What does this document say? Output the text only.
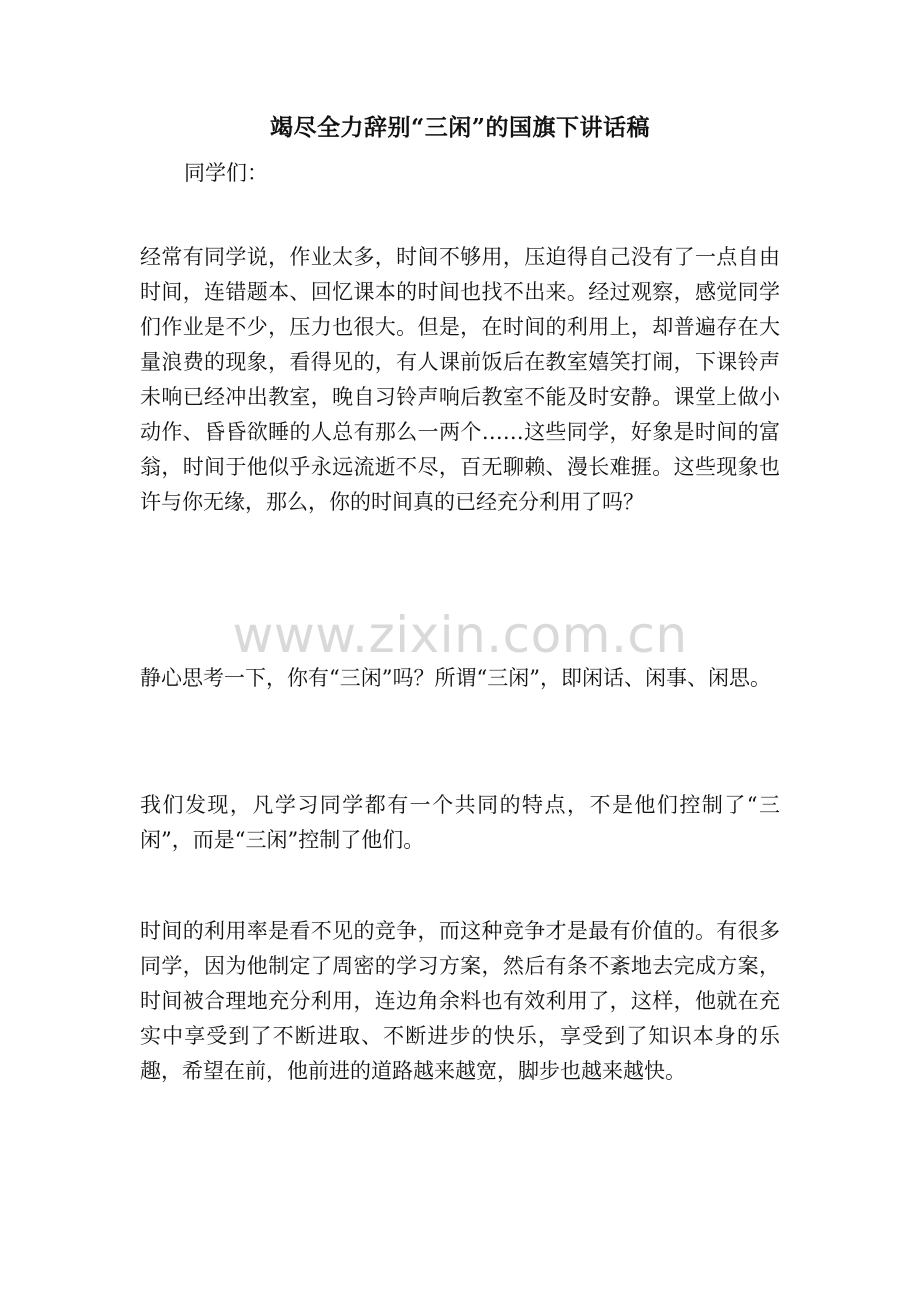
竭尽全力辞别“三闲”的国旗下讲话稿
同学们：
经常有同学说，作业太多，时间不够用，压迫得自己没有了一点自由时间，连错题本、回忆课本的时间也找不出来。经过观察，感觉同学们作业是不少，压力也很大。但是，在时间的利用上，却普遍存在大量浪费的现象，看得见的，有人课前饭后在教室嬉笑打闹，下课铃声未响已经冲出教室，晚自习铃声响后教室不能及时安静。课堂上做小动作、昏昏欲睡的人总有那么一两个……这些同学，好象是时间的富翁，时间于他似乎永远流逝不尽，百无聊赖、漫长难捱。这些现象也许与你无缘，那么，你的时间真的已经充分利用了吗？
静心思考一下，你有“三闲”吗？所谓“三闲”，即闲话、闲事、闲思。
我们发现，凡学习同学都有一个共同的特点，不是他们控制了“三闲”，而是“三闲”控制了他们。
时间的利用率是看不见的竞争，而这种竞争才是最有价值的。有很多同学，因为他制定了周密的学习方案，然后有条不紊地去完成方案，时间被合理地充分利用，连边角余料也有效利用了，这样，他就在充实中享受到了不断进取、不断进步的快乐，享受到了知识本身的乐趣，希望在前，他前进的道路越来越宽，脚步也越来越快。
www.zixin.com.cn
